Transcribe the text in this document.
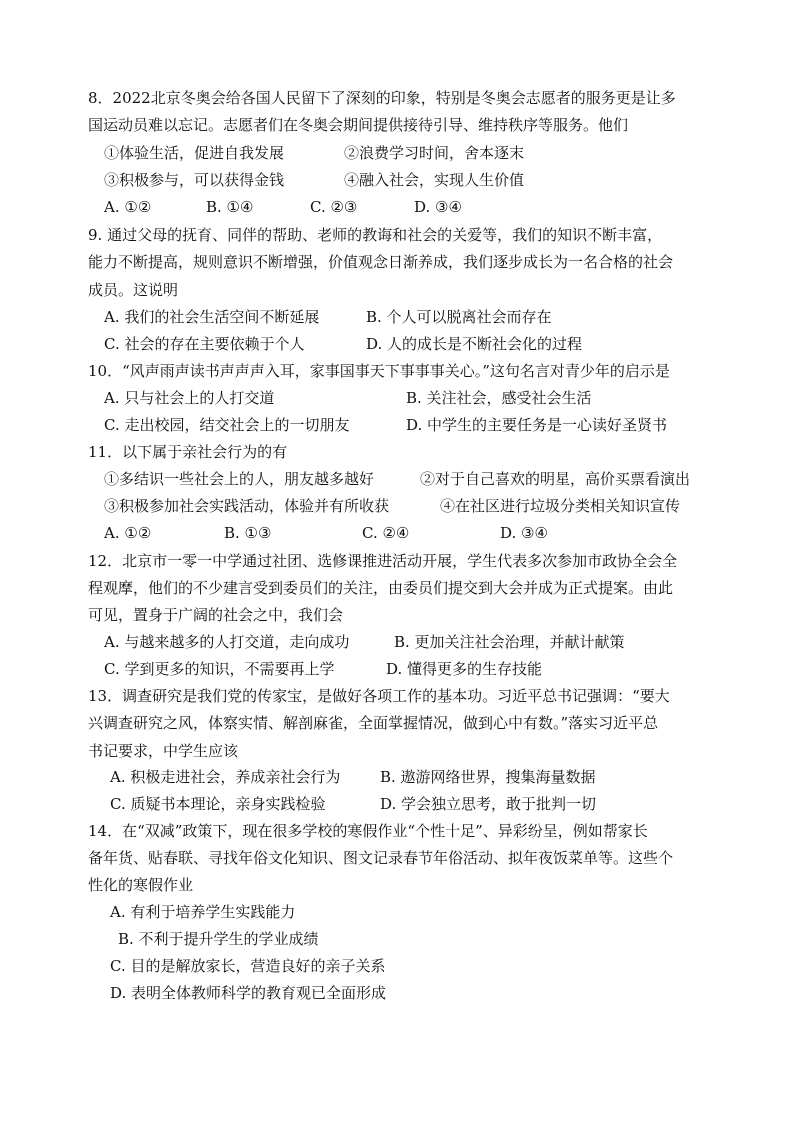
8．2022北京冬奥会给各国人民留下了深刻的印象，特别是冬奥会志愿者的服务更是让多
国运动员难以忘记。志愿者们在冬奥会期间提供接待引导、维持秩序等服务。他们
①体验生活，促进自我发展	②浪费学习时间，舍本逐末
③积极参与，可以获得金钱	④融入社会，实现人生价值
A. ①②	B. ①④	C. ②③	D. ③④
9. 通过父母的抚育、同伴的帮助、老师的教诲和社会的关爱等，我们的知识不断丰富，
能力不断提高，规则意识不断增强，价值观念日渐养成，我们逐步成长为一名合格的社会
成员。这说明
A. 我们的社会生活空间不断延展	B. 个人可以脱离社会而存在
C. 社会的存在主要依赖于个人	D. 人的成长是不断社会化的过程
10．“风声雨声读书声声声入耳，家事国事天下事事事关心。”这句名言对青少年的启示是
A. 只与社会上的人打交道	B. 关注社会，感受社会生活
C. 走出校园，结交社会上的一切朋友	D. 中学生的主要任务是一心读好圣贤书
11．以下属于亲社会行为的有
①多结识一些社会上的人，朋友越多越好	②对于自己喜欢的明星，高价买票看演出
③积极参加社会实践活动，体验并有所收获	④在社区进行垃圾分类相关知识宣传
A. ①②	B. ①③	C. ②④	D. ③④
12．北京市一零一中学通过社团、选修课推进活动开展，学生代表多次参加市政协全会全
程观摩，他们的不少建言受到委员们的关注，由委员们提交到大会并成为正式提案。由此
可见，置身于广阔的社会之中，我们会
A. 与越来越多的人打交道，走向成功	B. 更加关注社会治理，并献计献策
C. 学到更多的知识，不需要再上学	D. 懂得更多的生存技能
13．调查研究是我们党的传家宝，是做好各项工作的基本功。习近平总书记强调：“要大
兴调查研究之风，体察实情、解剖麻雀，全面掌握情况，做到心中有数。”落实习近平总
书记要求，中学生应该
A. 积极走进社会，养成亲社会行为	B. 遨游网络世界，搜集海量数据
C. 质疑书本理论，亲身实践检验	D. 学会独立思考，敢于批判一切
14．在“双减”政策下，现在很多学校的寒假作业“个性十足”、异彩纷呈，例如帮家长
备年货、贴春联、寻找年俗文化知识、图文记录春节年俗活动、拟年夜饭菜单等。这些个
性化的寒假作业
A. 有利于培养学生实践能力
B. 不利于提升学生的学业成绩
C. 目的是解放家长，营造良好的亲子关系
D. 表明全体教师科学的教育观已全面形成
